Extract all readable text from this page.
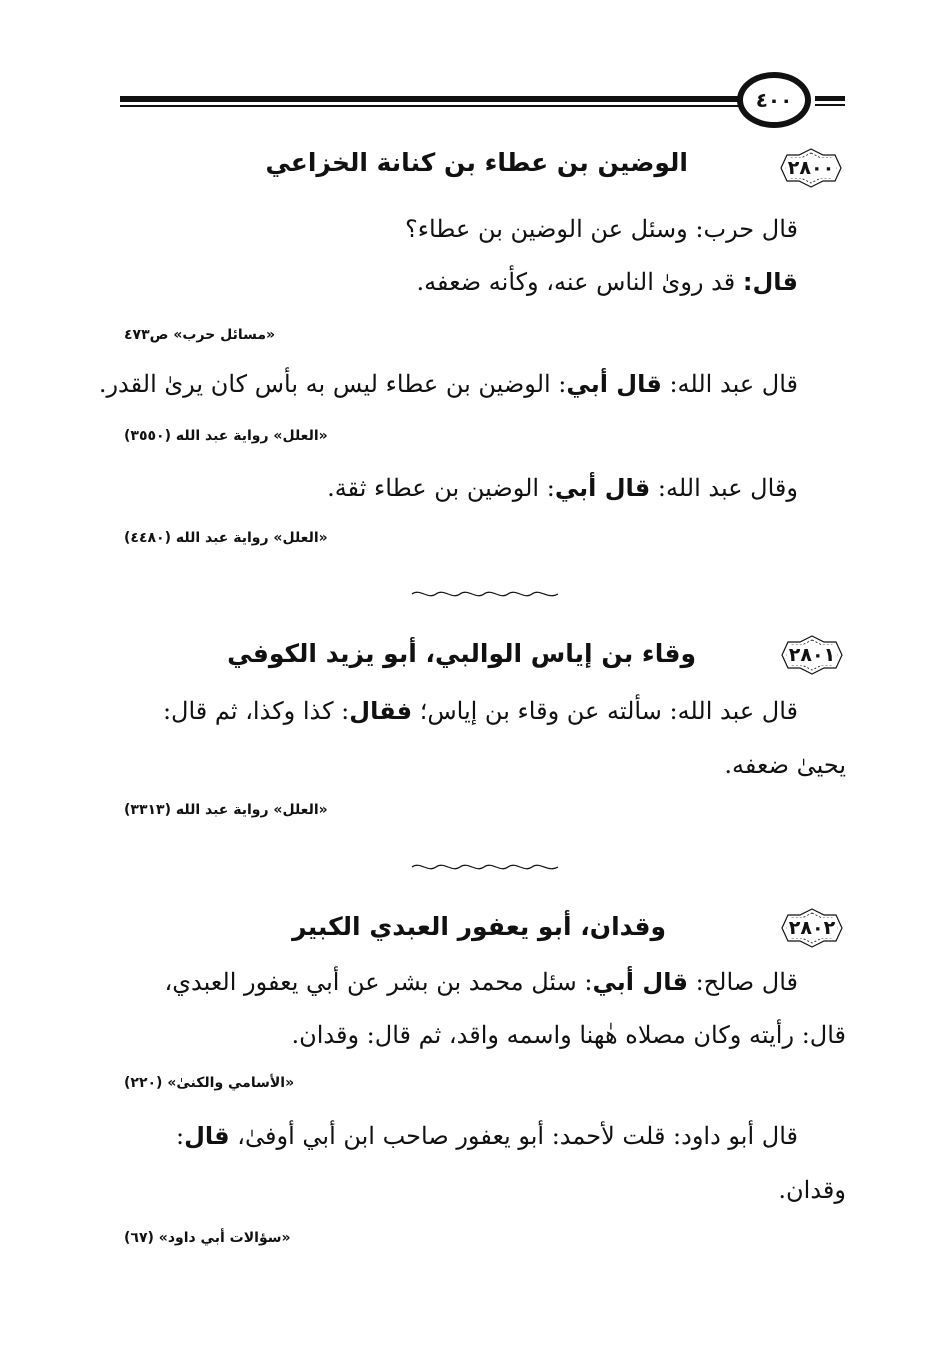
٤٠٠
٢٨٠٠
الوضين بن عطاء بن كنانة الخزاعي
قال حرب: وسئل عن الوضين بن عطاء؟
قال: قد روىٰ الناس عنه، وكأنه ضعفه.
«مسائل حرب» ص٤٧٣
قال عبد الله: قال أبي: الوضين بن عطاء ليس به بأس كان يرىٰ القدر.
«العلل» رواية عبد الله (٣٥٥٠)
وقال عبد الله: قال أبي: الوضين بن عطاء ثقة.
«العلل» رواية عبد الله (٤٤٨٠)
٢٨٠١
وقاء بن إياس الوالبي، أبو يزيد الكوفي
قال عبد الله: سألته عن وقاء بن إياس؛ فقال: كذا وكذا، ثم قال:
يحيىٰ ضعفه.
«العلل» رواية عبد الله (٣٣١٣)
٢٨٠٢
وقدان، أبو يعفور العبدي الكبير
قال صالح: قال أبي: سئل محمد بن بشر عن أبي يعفور العبدي،
قال: رأيته وكان مصلاه هٰهنا واسمه واقد، ثم قال: وقدان.
«الأسامي والكنىٰ» (٢٢٠)
قال أبو داود: قلت لأحمد: أبو يعفور صاحب ابن أبي أوفىٰ، قال:
وقدان.
«سؤالات أبي داود» (٦٧)
